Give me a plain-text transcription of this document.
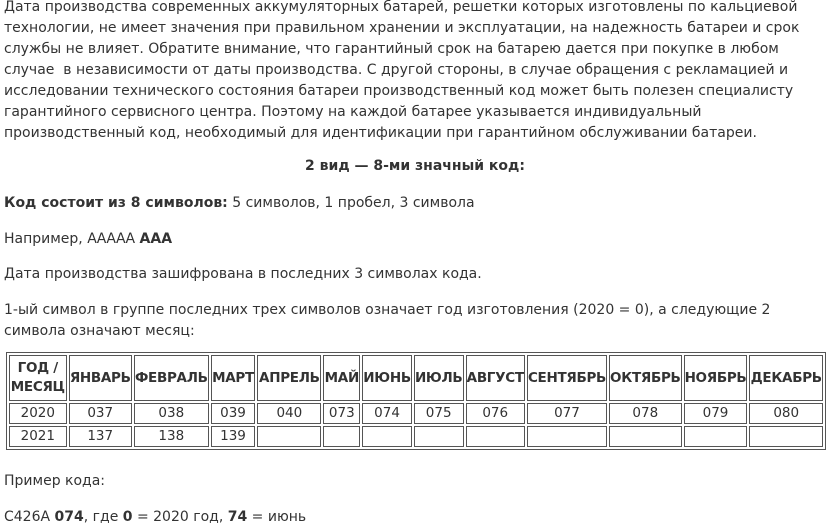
Дата производства современных аккумуляторных батарей, решетки которых изготовлены по кальциевой

технологии, не имеет значения при правильном хранении и эксплуатации, на надежность батареи и срок

службы не влияет. Обратите внимание, что гарантийный срок на батарею дается при покупке в любом

случае  в независимости от даты производства. С другой стороны, в случае обращения с рекламацией и

исследовании технического состояния батареи производственный код может быть полезен специалисту

гарантийного сервисного центра. Поэтому на каждой батарее указывается индивидуальный

производственный код, необходимый для идентификации при гарантийном обслуживании батареи.

2 вид — 8-ми значный код:

Код состоит из 8 символов: 5 символов, 1 пробел, 3 символа

Например, ААААА ААА

Дата производства зашифрована в последних 3 символах кода.

1-ый символ в группе последних трех символов означает год изготовления (2020 = 0), а следующие 2

символа означают месяц:

ГОД /
МЕСЯЦ	ЯНВАРЬ	ФЕВРАЛЬ	МАРТ	АПРЕЛЬ	МАЙ	ИЮНЬ	ИЮЛЬ	АВГУСТ	СЕНТЯБРЬ	ОКТЯБРЬ	НОЯБРЬ	ДЕКАБРЬ
2020	037	038	039	040	073	074	075	076	077	078	079	080
2021	137	138	139									

Пример кода:

C426A 074, где 0 = 2020 год, 74 = июнь
